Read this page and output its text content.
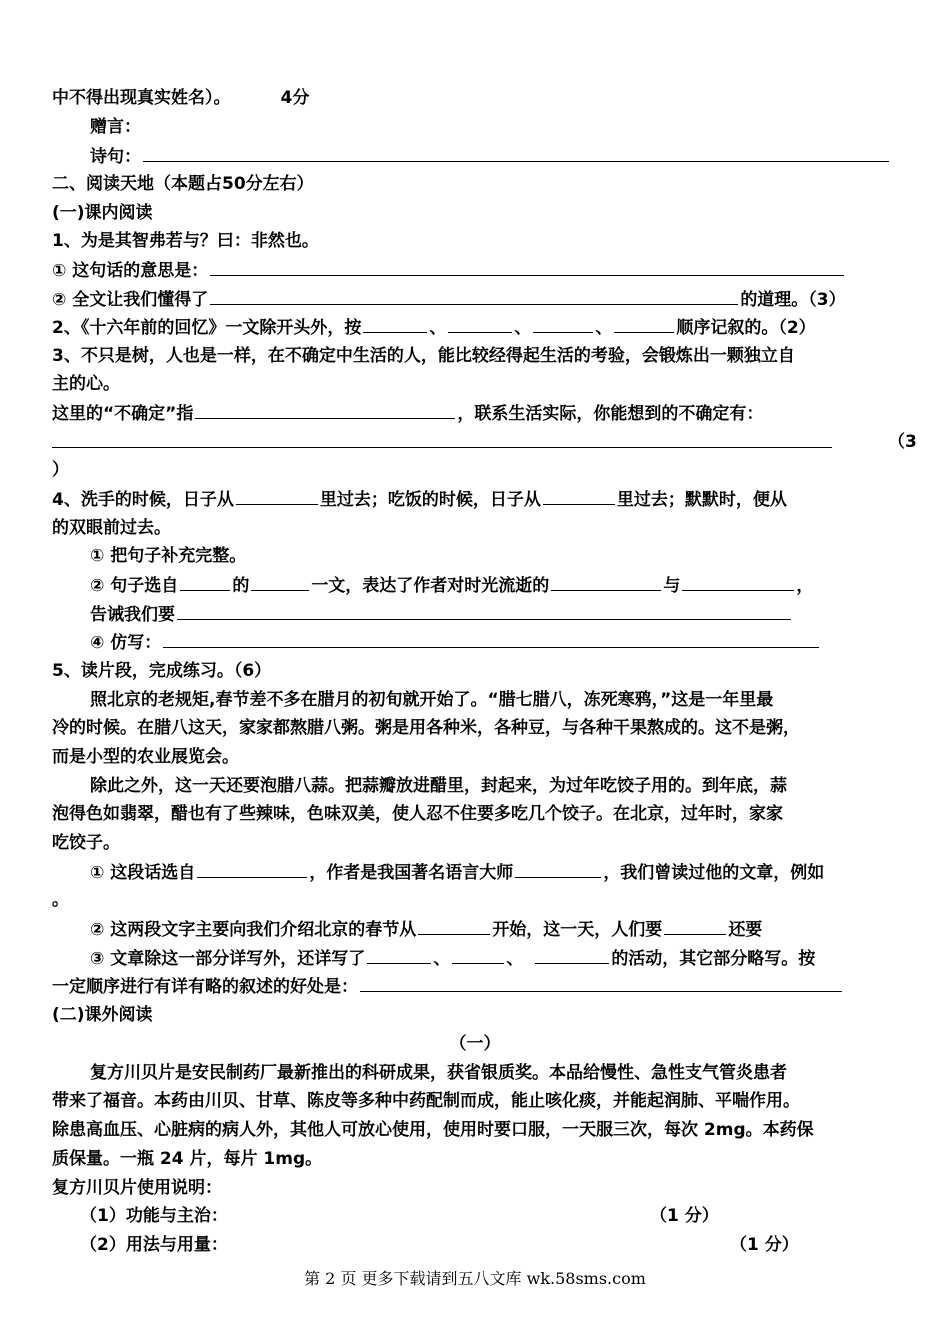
中不得出现真实姓名）。	4分
赠言：
诗句：
二、阅读天地（本题占50分左右）
(一)课内阅读
1、为是其智弗若与？曰：非然也。
① 这句话的意思是：
② 全文让我们懂得了	的道理。（3）
2、《十六年前的回忆》一文除开头外，按	、	、	、	顺序记叙的。（2）
3、不只是树，人也是一样，在不确定中生活的人，能比较经得起生活的考验，会锻炼出一颗独立自
主的心。
这里的“不确定”指	，联系生活实际，你能想到的不确定有：
（3
）
4、洗手的时候，日子从	里过去；吃饭的时候，日子从	里过去；默默时，便从
的双眼前过去。
① 把句子补充完整。
② 句子选自	的	一文，表达了作者对时光流逝的	与	，
告诫我们要
④ 仿写：
5、读片段，完成练习。（6）
照北京的老规矩,春节差不多在腊月的初旬就开始了。“腊七腊八，冻死寒鸦，”这是一年里最
冷的时候。在腊八这天，家家都熬腊八粥。粥是用各种米，各种豆，与各种干果熬成的。这不是粥，
而是小型的农业展览会。
除此之外，这一天还要泡腊八蒜。把蒜瓣放进醋里，封起来，为过年吃饺子用的。到年底，蒜
泡得色如翡翠，醋也有了些辣味，色味双美，使人忍不住要多吃几个饺子。在北京，过年时，家家
吃饺子。
① 这段话选自	，作者是我国著名语言大师	，我们曾读过他的文章，例如
。
② 这两段文字主要向我们介绍北京的春节从	开始，这一天，人们要	还要
③ 文章除这一部分详写外，还详写了	、	、	的活动，其它部分略写。按
一定顺序进行有详有略的叙述的好处是：
(二)课外阅读
（一）
复方川贝片是安民制药厂最新推出的科研成果，获省银质奖。本品给慢性、急性支气管炎患者
带来了福音。本药由川贝、甘草、陈皮等多种中药配制而成，能止咳化痰，并能起润肺、平喘作用。
除患高血压、心脏病的病人外，其他人可放心使用，使用时要口服，一天服三次，每次 2mg。本药保
质保量。一瓶 24 片，每片 1mg。
复方川贝片使用说明：
（1）功能与主治：	（1 分）
（2）用法与用量：	（1 分）
第 2 页 更多下载请到五八文库 wk.58sms.com
